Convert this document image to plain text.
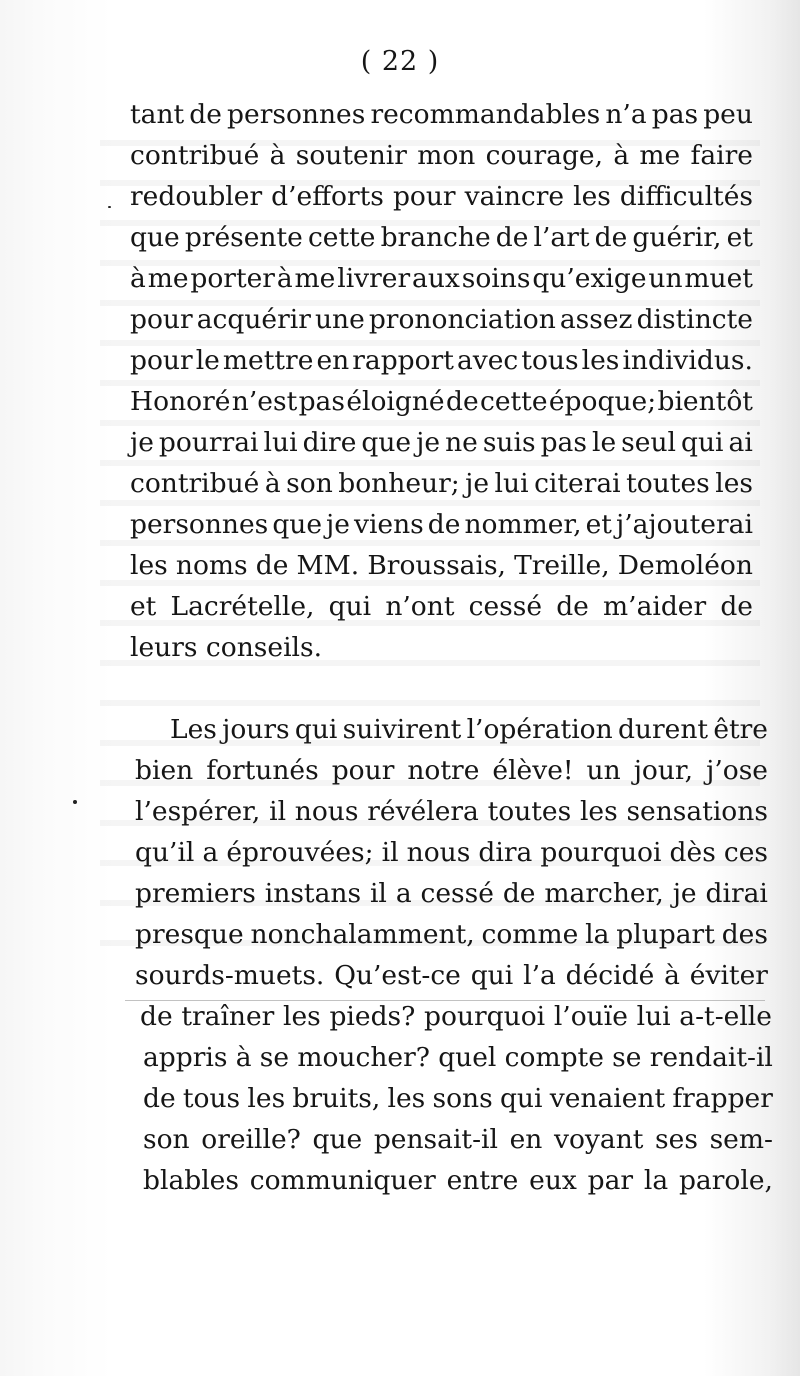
( 22 )
tant de personnes recommandables n’a pas peu
contribué à soutenir mon courage, à me faire
redoubler d’efforts pour vaincre les difficultés
que présente cette branche de l’art de guérir, et
à me porter à me livrer aux soins qu’exige un muet
pour acquérir une prononciation assez distincte
pour le mettre en rapport avec tous les individus.
Honoré n’est pas éloigné de cette époque; bientôt
je pourrai lui dire que je ne suis pas le seul qui ai
contribué à son bonheur; je lui citerai toutes les
personnes que je viens de nommer, et j’ajouterai
les noms de MM. Broussais, Treille, Demoléon
et Lacrételle, qui n’ont cessé de m’aider de
leurs conseils.
Les jours qui suivirent l’opération durent être
bien fortunés pour notre élève! un jour, j’ose
l’espérer, il nous révélera toutes les sensations
qu’il a éprouvées; il nous dira pourquoi dès ces
premiers instans il a cessé de marcher, je dirai
presque nonchalamment, comme la plupart des
sourds-muets. Qu’est-ce qui l’a décidé à éviter
de traîner les pieds? pourquoi l’ouïe lui a-t-elle
appris à se moucher? quel compte se rendait-il
de tous les bruits, les sons qui venaient frapper
son oreille? que pensait-il en voyant ses sem-
blables communiquer entre eux par la parole,
